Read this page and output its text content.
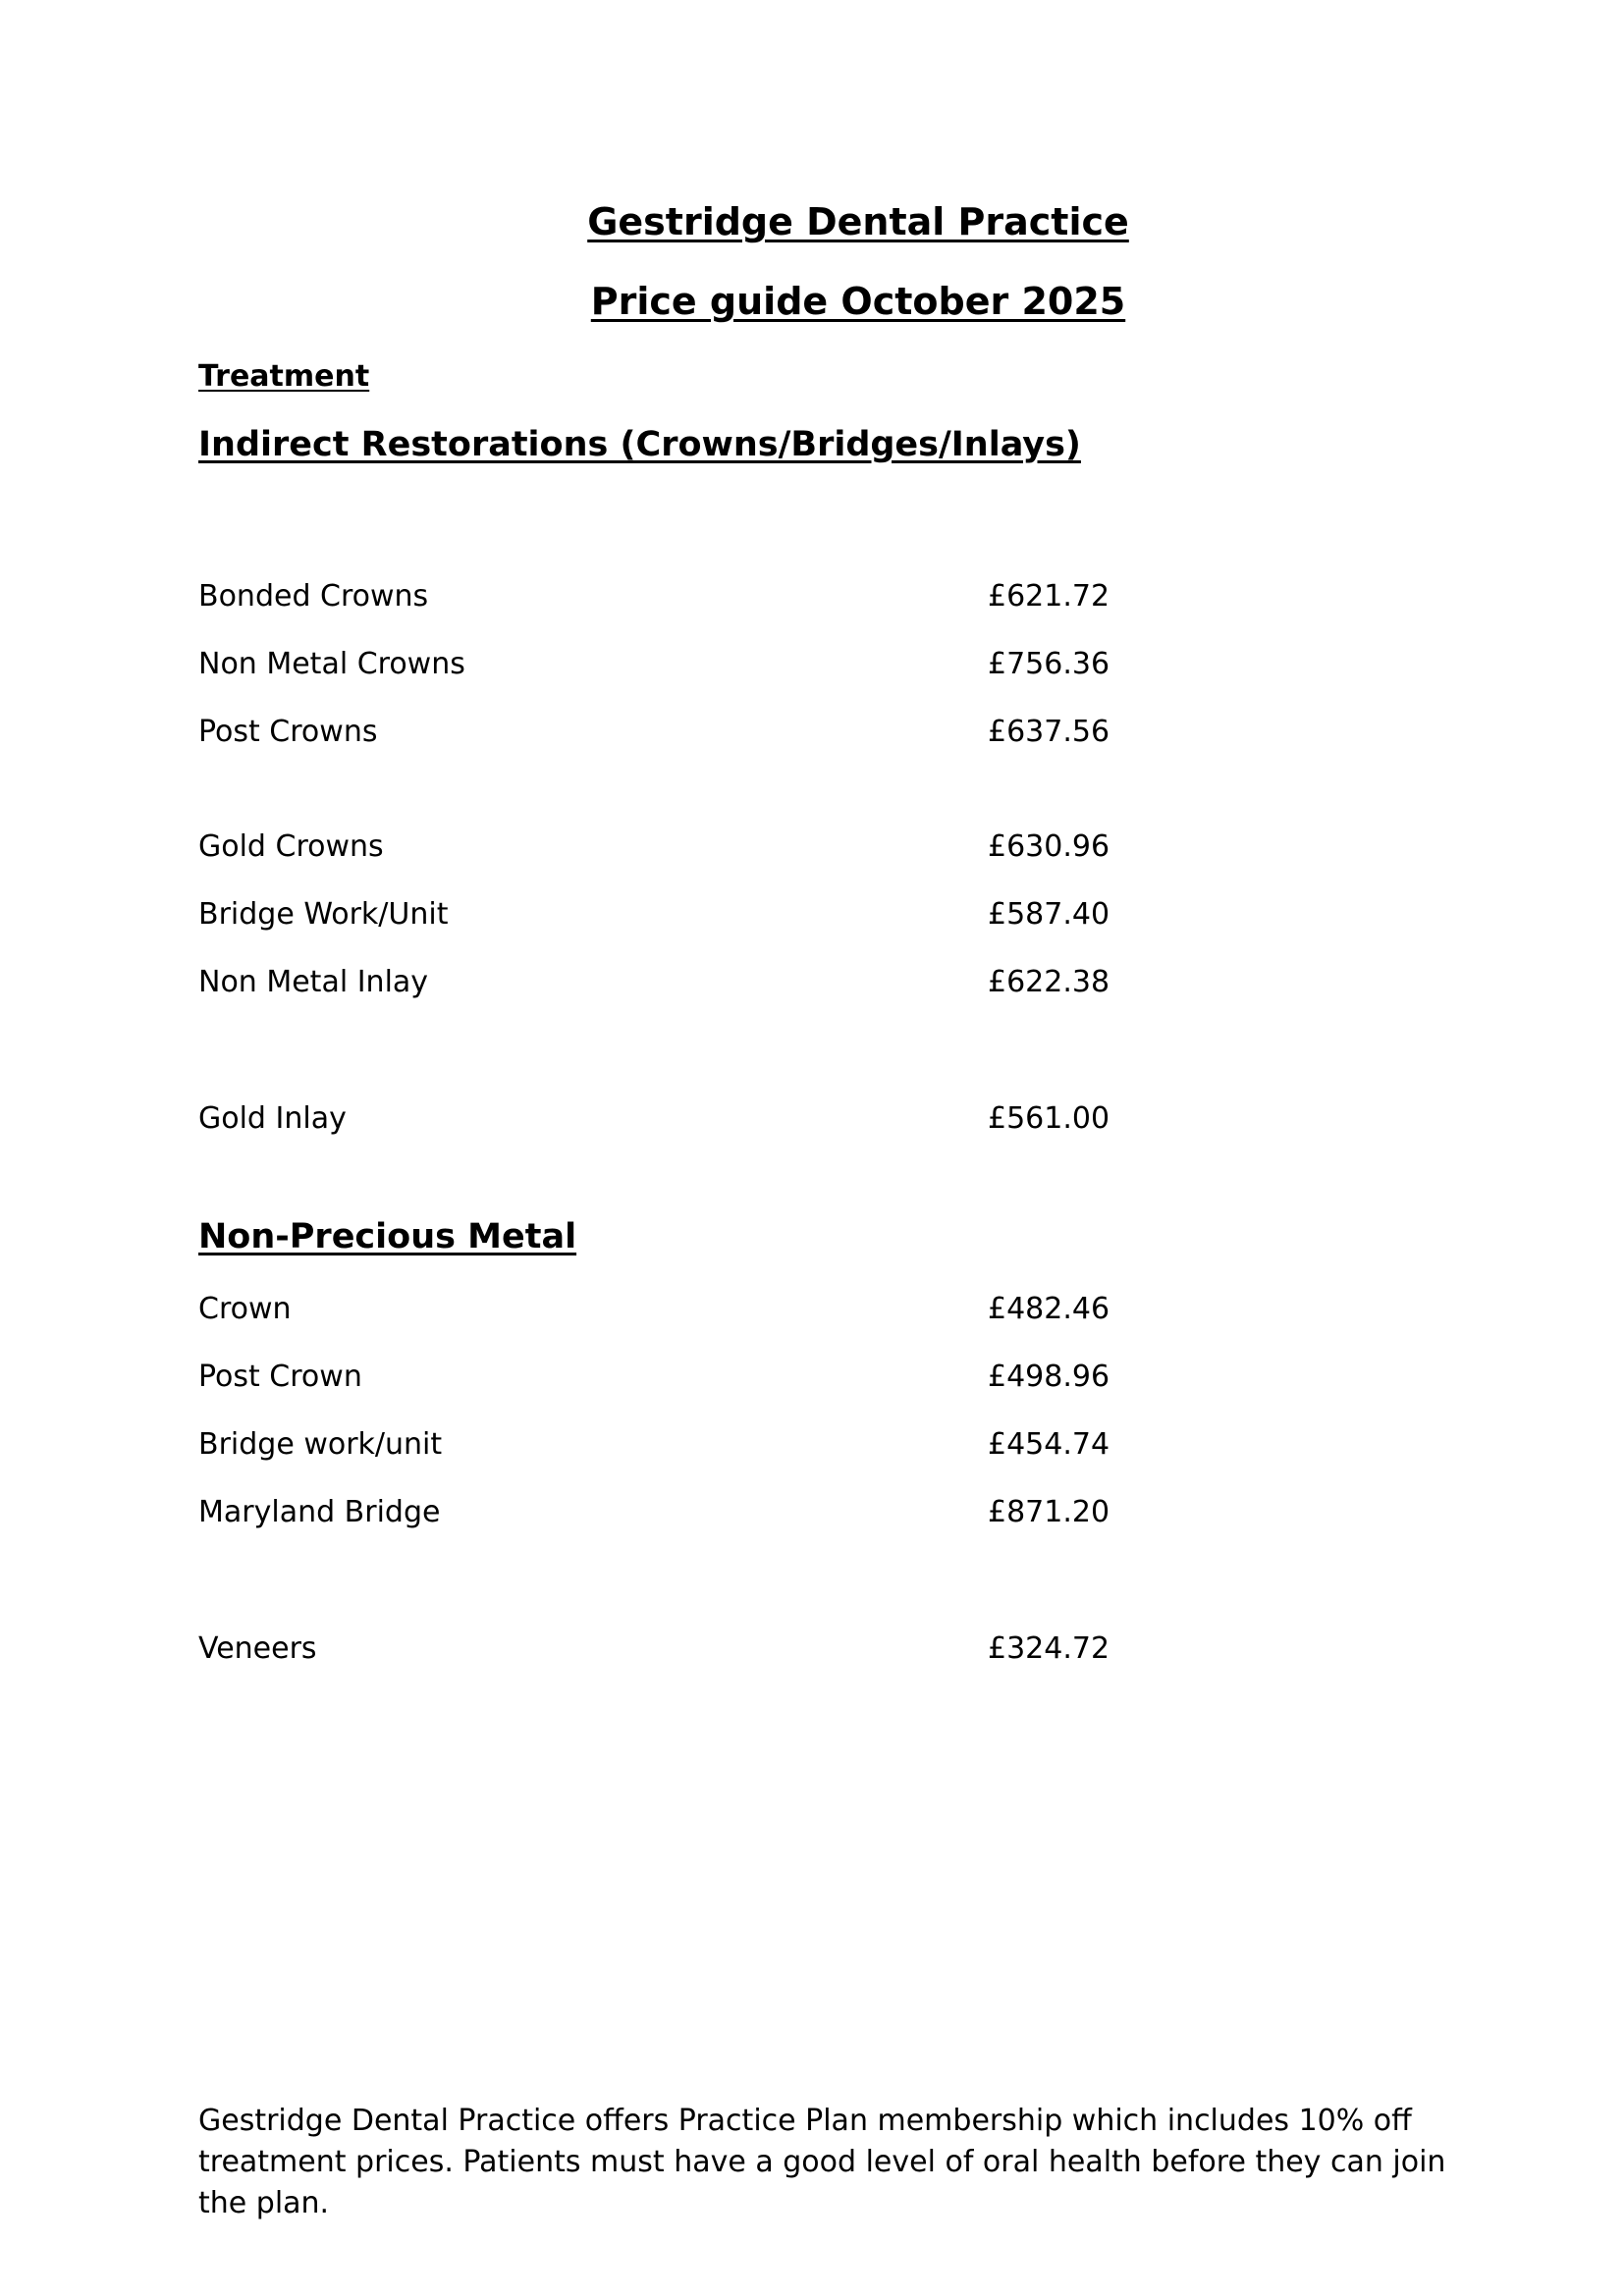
Gestridge Dental Practice
Price guide October 2025
Treatment
Indirect Restorations (Crowns/Bridges/Inlays)
Bonded Crowns	£621.72
Non Metal Crowns	£756.36
Post Crowns	£637.56
Gold Crowns	£630.96
Bridge Work/Unit	£587.40
Non Metal Inlay	£622.38
Gold Inlay	£561.00
Non-Precious Metal
Crown	£482.46
Post Crown	£498.96
Bridge work/unit	£454.74
Maryland Bridge	£871.20
Veneers	£324.72

Gestridge Dental Practice offers Practice Plan membership which includes 10% off treatment prices. Patients must have a good level of oral health before they can join the plan.
